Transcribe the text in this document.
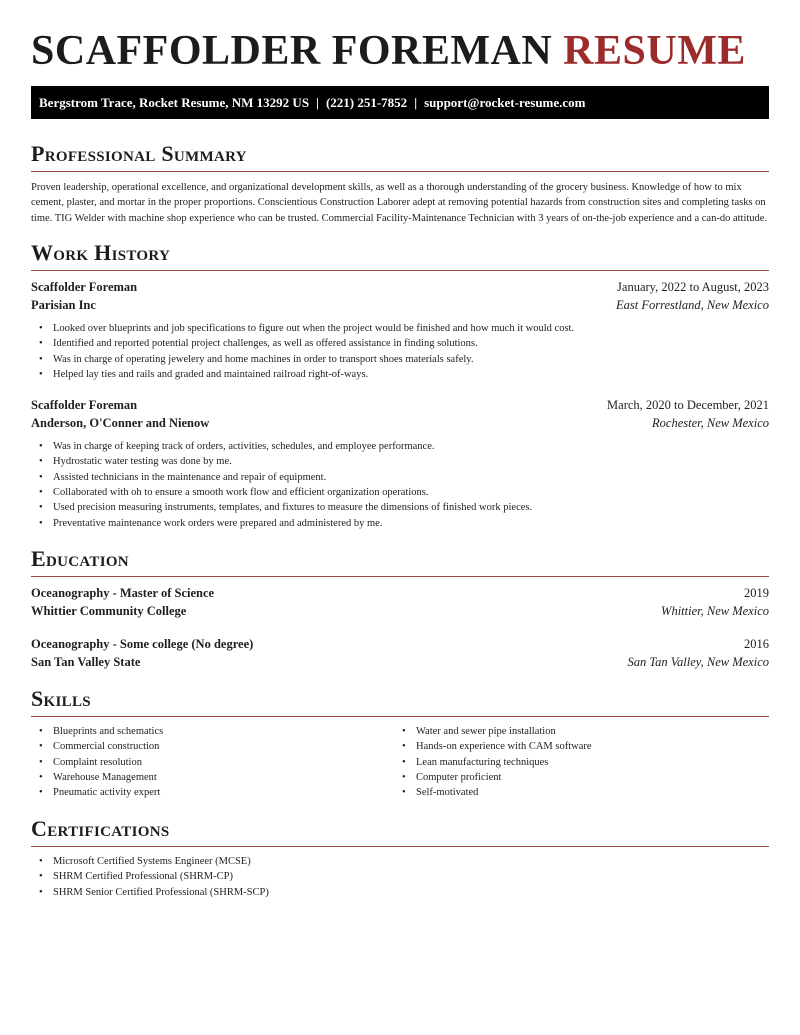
SCAFFOLDER FOREMAN RESUME
Bergstrom Trace, Rocket Resume, NM 13292 US | (221) 251-7852 | support@rocket-resume.com
Professional Summary

Proven leadership, operational excellence, and organizational development skills, as well as a thorough understanding of the grocery business. Knowledge of how to mix cement, plaster, and mortar in the proper proportions. Conscientious Construction Laborer adept at removing potential hazards from construction sites and completing tasks on time. TIG Welder with machine shop experience who can be trusted. Commercial Facility-Maintenance Technician with 3 years of on-the-job experience and a can-do attitude.

Work History
Scaffolder Foreman	January, 2022 to August, 2023
Parisian Inc	East Forrestland, New Mexico
• Looked over blueprints and job specifications to figure out when the project would be finished and how much it would cost.
• Identified and reported potential project challenges, as well as offered assistance in finding solutions.
• Was in charge of operating jewelery and home machines in order to transport shoes materials safely.
• Helped lay ties and rails and graded and maintained railroad right-of-ways.
Scaffolder Foreman	March, 2020 to December, 2021
Anderson, O'Conner and Nienow	Rochester, New Mexico
• Was in charge of keeping track of orders, activities, schedules, and employee performance.
• Hydrostatic water testing was done by me.
• Assisted technicians in the maintenance and repair of equipment.
• Collaborated with oh to ensure a smooth work flow and efficient organization operations.
• Used precision measuring instruments, templates, and fixtures to measure the dimensions of finished work pieces.
• Preventative maintenance work orders were prepared and administered by me.
Education
Oceanography - Master of Science	2019
Whittier Community College	Whittier, New Mexico
Oceanography - Some college (No degree)	2016
San Tan Valley State	San Tan Valley, New Mexico
Skills
• Blueprints and schematics
• Commercial construction
• Complaint resolution
• Warehouse Management
• Pneumatic activity expert
• Water and sewer pipe installation
• Hands-on experience with CAM software
• Lean manufacturing techniques
• Computer proficient
• Self-motivated
Certifications
• Microsoft Certified Systems Engineer (MCSE)
• SHRM Certified Professional (SHRM-CP)
• SHRM Senior Certified Professional (SHRM-SCP)
